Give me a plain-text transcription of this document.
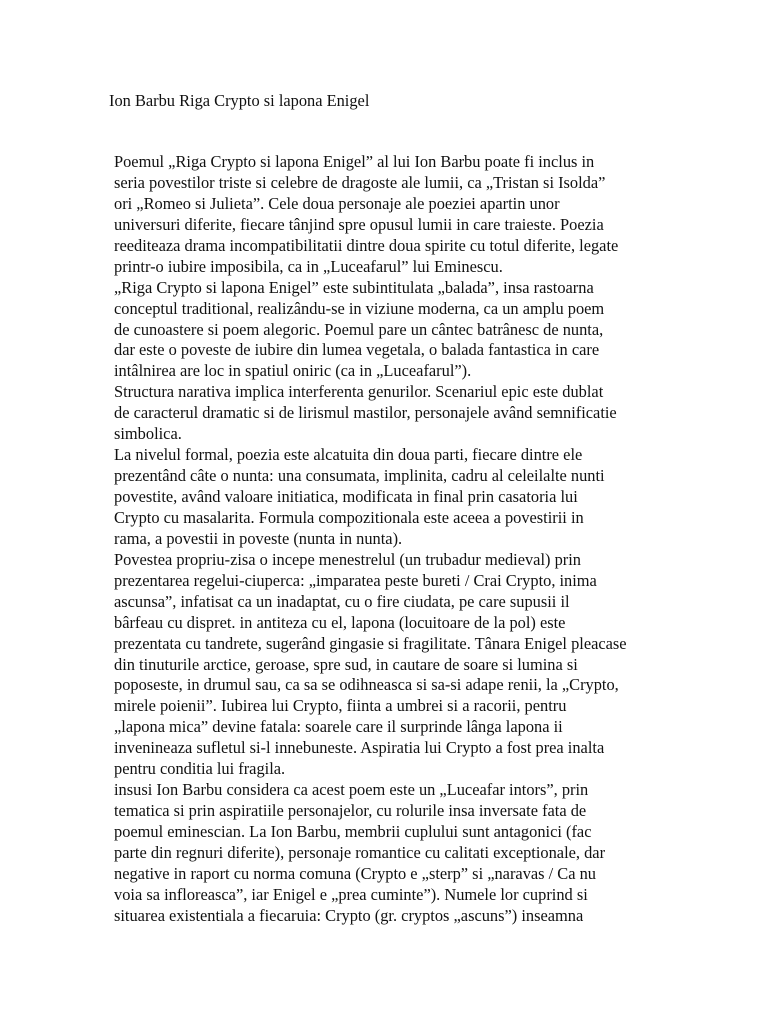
Ion Barbu Riga Crypto si lapona Enigel
Poemul „Riga Crypto si lapona Enigel” al lui Ion Barbu poate fi inclus in
seria povestilor triste si celebre de dragoste ale lumii, ca „Tristan si Isolda”
ori „Romeo si Julieta”. Cele doua personaje ale poeziei apartin unor
universuri diferite, fiecare tânjind spre opusul lumii in care traieste. Poezia
reediteaza drama incompatibilitatii dintre doua spirite cu totul diferite, legate
printr-o iubire imposibila, ca in „Luceafarul” lui Eminescu.
„Riga Crypto si lapona Enigel” este subintitulata „balada”, insa rastoarna
conceptul traditional, realizându-se in viziune moderna, ca un amplu poem
de cunoastere si poem alegoric. Poemul pare un cântec batrânesc de nunta,
dar este o poveste de iubire din lumea vegetala, o balada fantastica in care
intâlnirea are loc in spatiul oniric (ca in „Luceafarul”).
Structura narativa implica interferenta genurilor. Scenariul epic este dublat
de caracterul dramatic si de lirismul mastilor, personajele având semnificatie
simbolica.
La nivelul formal, poezia este alcatuita din doua parti, fiecare dintre ele
prezentând câte o nunta: una consumata, implinita, cadru al celeilalte nunti
povestite, având valoare initiatica, modificata in final prin casatoria lui
Crypto cu masalarita. Formula compozitionala este aceea a povestirii in
rama, a povestii in poveste (nunta in nunta).
Povestea propriu-zisa o incepe menestrelul (un trubadur medieval) prin
prezentarea regelui-ciuperca: „imparatea peste bureti / Crai Crypto, inima
ascunsa”, infatisat ca un inadaptat, cu o fire ciudata, pe care supusii il
bârfeau cu dispret. in antiteza cu el, lapona (locuitoare de la pol) este
prezentata cu tandrete, sugerând gingasie si fragilitate. Tânara Enigel pleacase
din tinuturile arctice, geroase, spre sud, in cautare de soare si lumina si
poposeste, in drumul sau, ca sa se odihneasca si sa-si adape renii, la „Crypto,
mirele poienii”. Iubirea lui Crypto, fiinta a umbrei si a racorii, pentru
„lapona mica” devine fatala: soarele care il surprinde lânga lapona ii
invenineaza sufletul si-l innebuneste. Aspiratia lui Crypto a fost prea inalta
pentru conditia lui fragila.
insusi Ion Barbu considera ca acest poem este un „Luceafar intors”, prin
tematica si prin aspiratiile personajelor, cu rolurile insa inversate fata de
poemul eminescian. La Ion Barbu, membrii cuplului sunt antagonici (fac
parte din regnuri diferite), personaje romantice cu calitati exceptionale, dar
negative in raport cu norma comuna (Crypto e „sterp” si „naravas / Ca nu
voia sa infloreasca”, iar Enigel e „prea cuminte”). Numele lor cuprind si
situarea existentiala a fiecaruia: Crypto (gr. cryptos „ascuns”) inseamna
